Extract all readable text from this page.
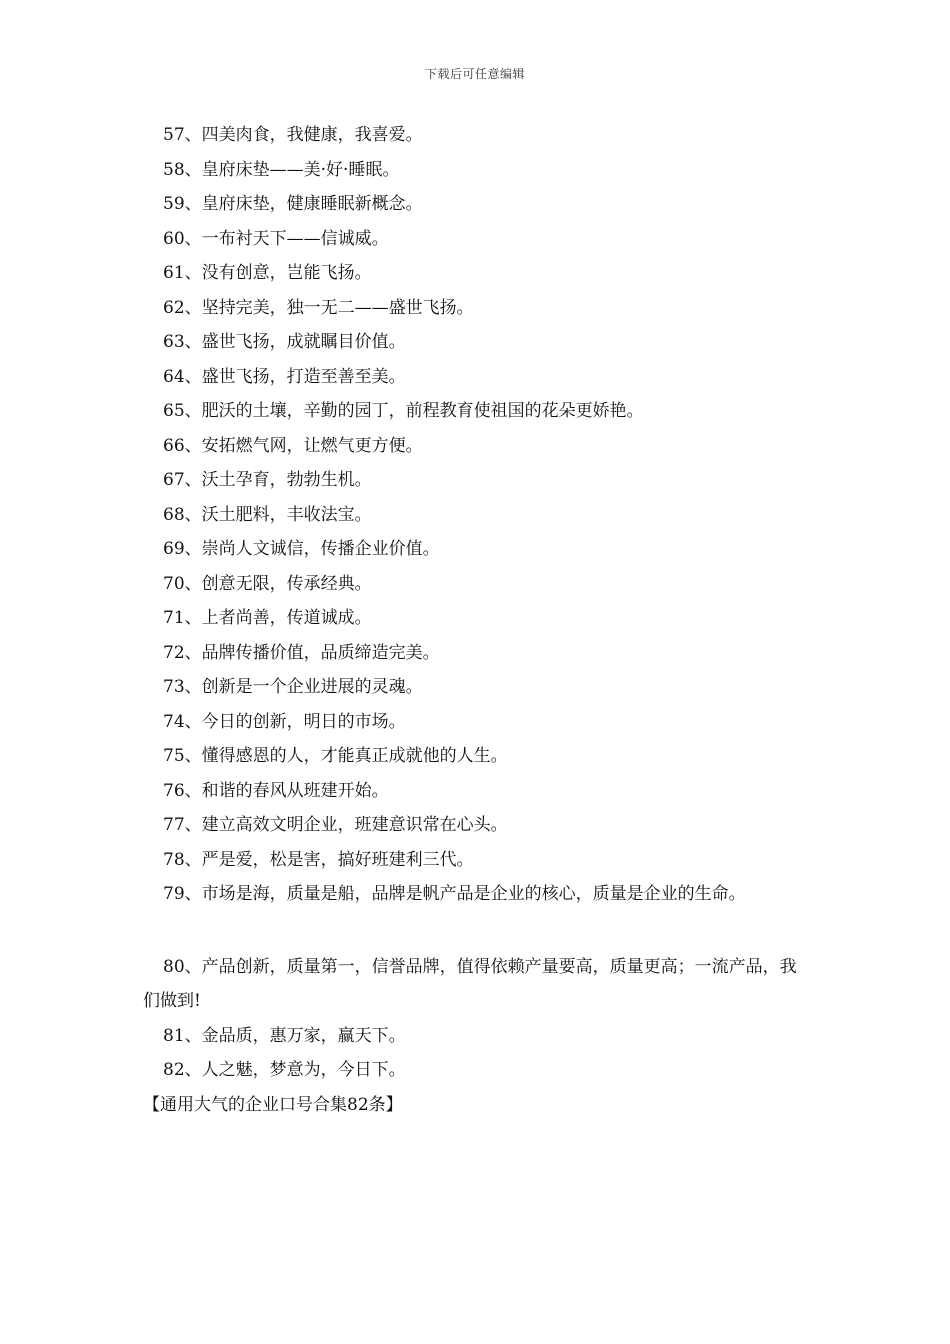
下载后可任意编辑
57、四美肉食，我健康，我喜爱。
58、皇府床垫——美·好·睡眠。
59、皇府床垫，健康睡眠新概念。
60、一布衬天下——信诚威。
61、没有创意，岂能飞扬。
62、坚持完美，独一无二——盛世飞扬。
63、盛世飞扬，成就瞩目价值。
64、盛世飞扬，打造至善至美。
65、肥沃的土壤，辛勤的园丁，前程教育使祖国的花朵更娇艳。
66、安拓燃气网，让燃气更方便。
67、沃土孕育，勃勃生机。
68、沃土肥料，丰收法宝。
69、崇尚人文诚信，传播企业价值。
70、创意无限，传承经典。
71、上者尚善，传道诚成。
72、品牌传播价值，品质缔造完美。
73、创新是一个企业进展的灵魂。
74、今日的创新，明日的市场。
75、懂得感恩的人，才能真正成就他的人生。
76、和谐的春风从班建开始。
77、建立高效文明企业，班建意识常在心头。
78、严是爱，松是害，搞好班建利三代。
79、市场是海，质量是船，品牌是帆产品是企业的核心，质量是企业的生命。

80、产品创新，质量第一，信誉品牌，值得依赖产量要高，质量更高；一流产品，我们做到!

81、金品质，惠万家，赢天下。
82、人之魅，梦意为，今日下。
【通用大气的企业口号合集82条】
